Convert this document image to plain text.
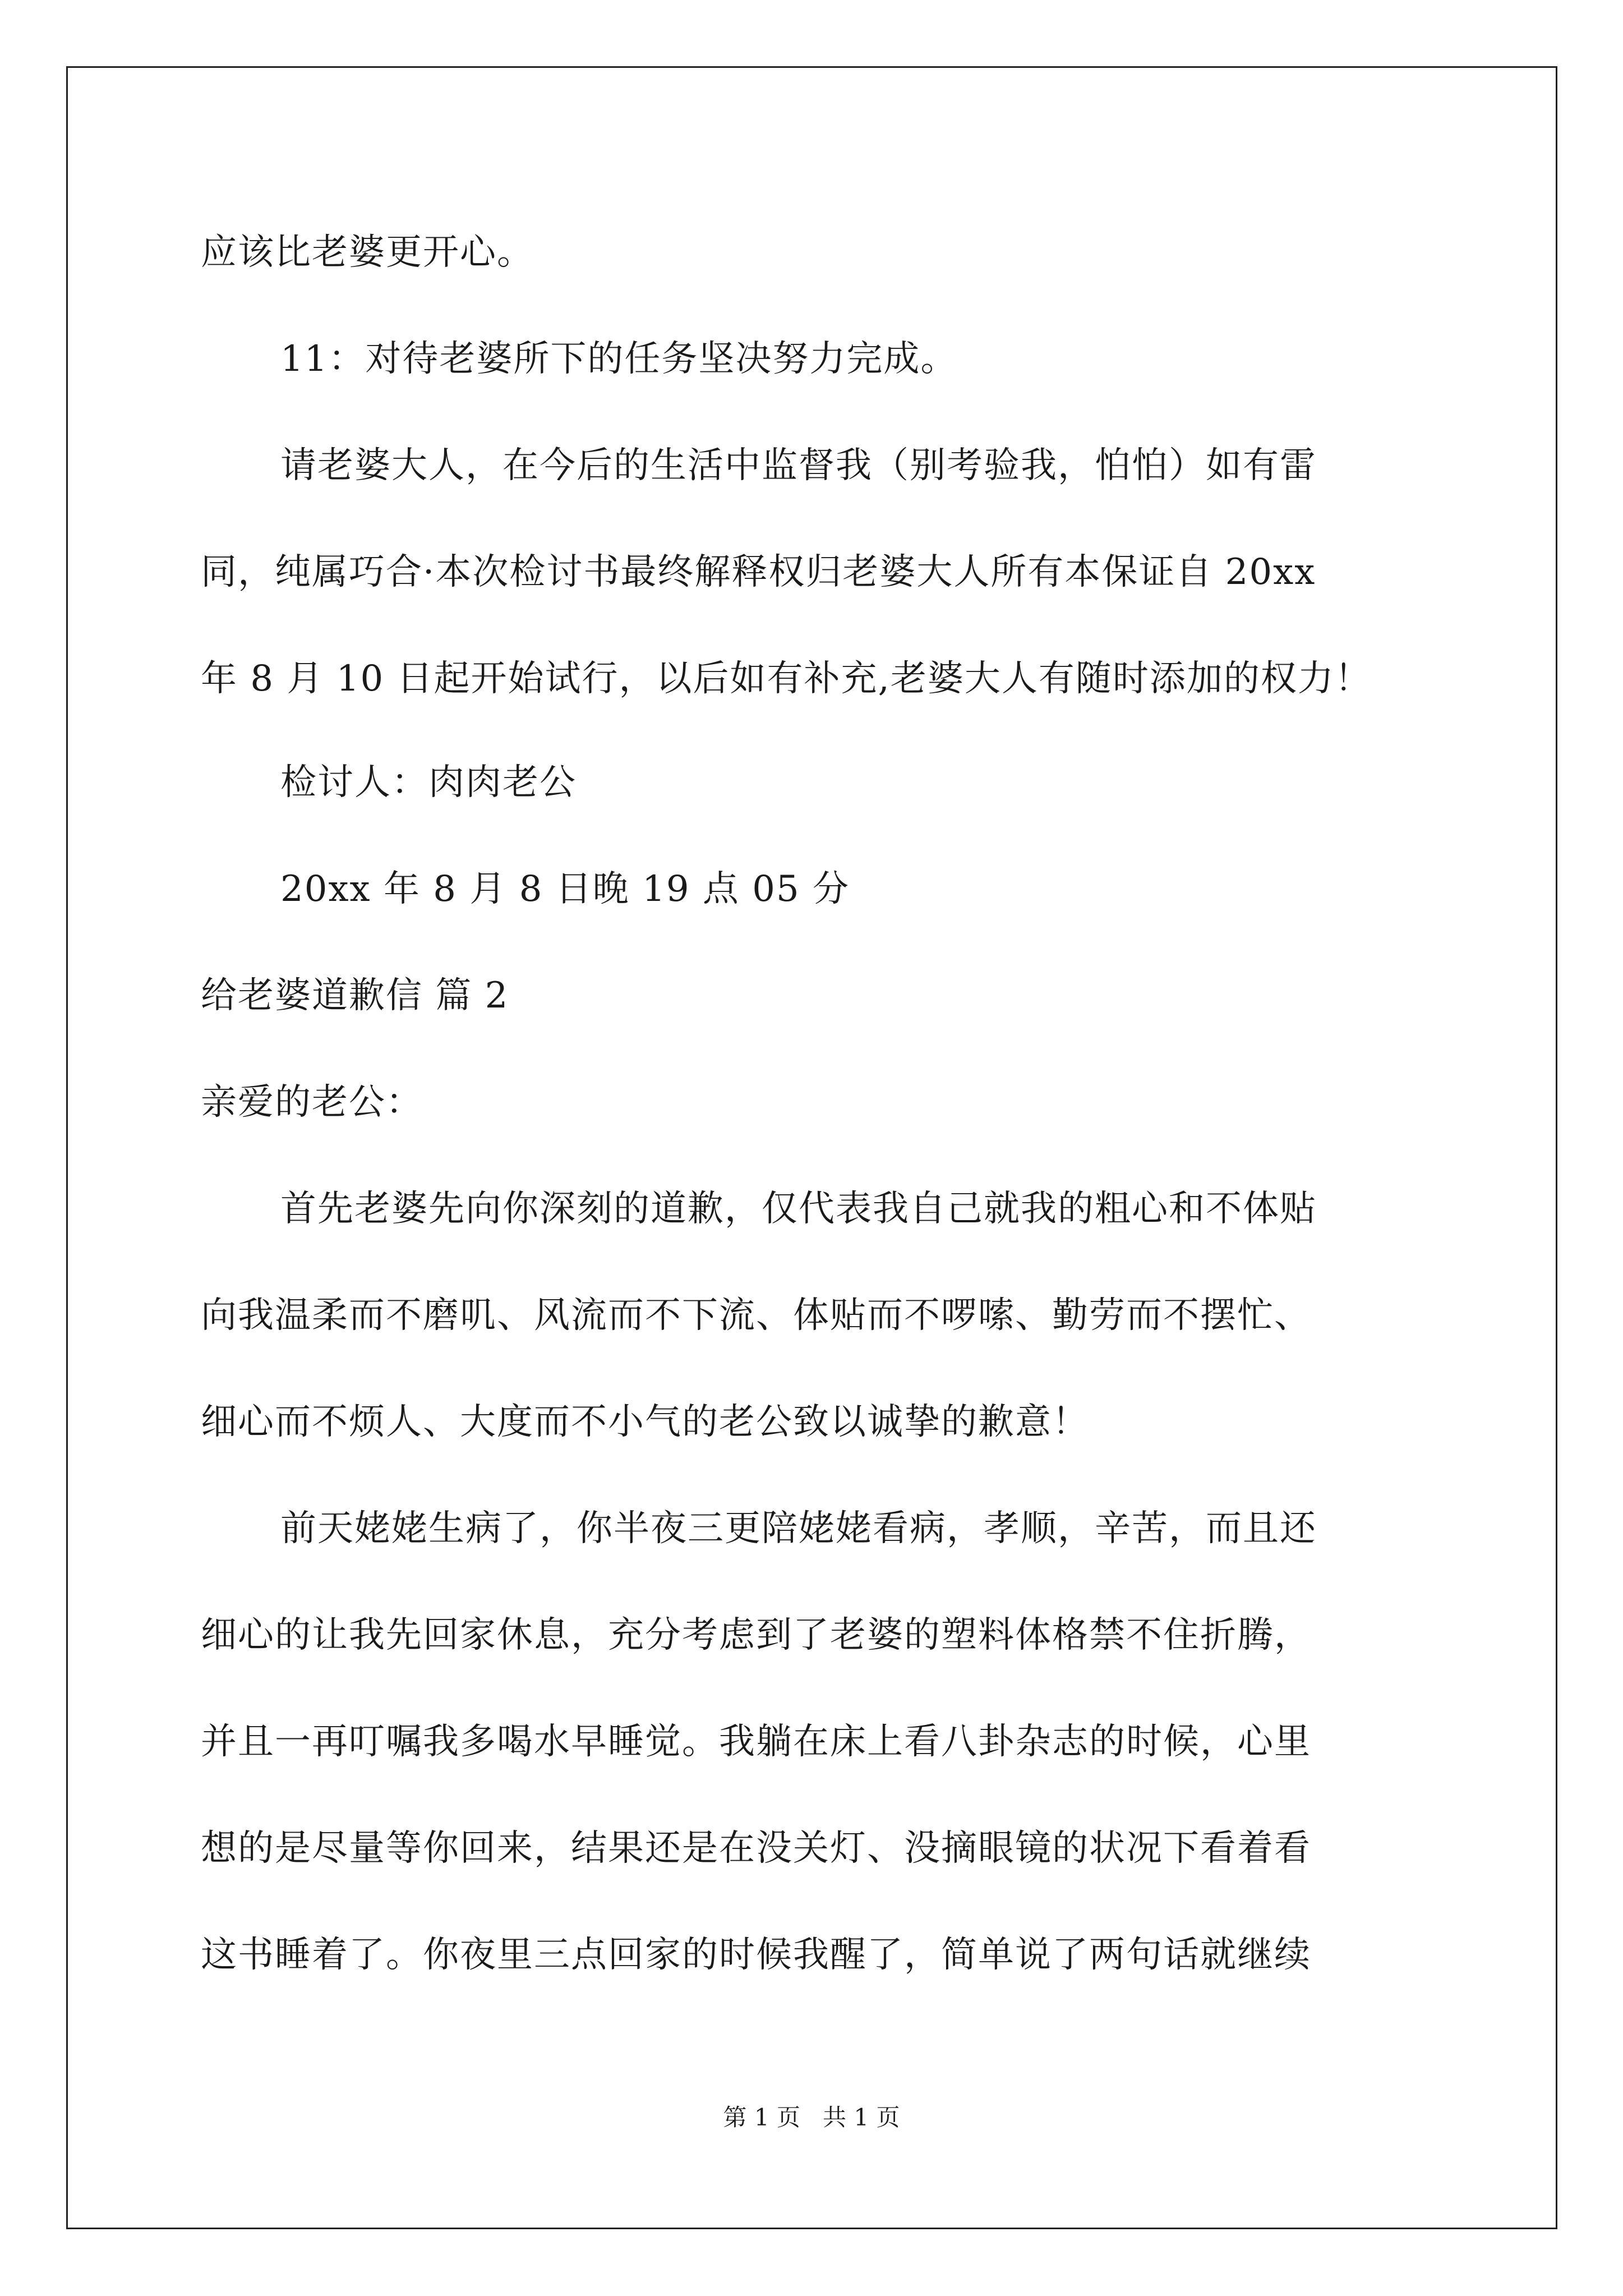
应该比老婆更开心。
11：对待老婆所下的任务坚决努力完成。
请老婆大人，在今后的生活中监督我（别考验我，怕怕）如有雷
同，纯属巧合·本次检讨书最终解释权归老婆大人所有本保证自 20xx
年 8 月 10 日起开始试行，以后如有补充,老婆大人有随时添加的权力！
检讨人：肉肉老公
20xx 年 8 月 8 日晚 19 点 05 分
给老婆道歉信 篇 2
亲爱的老公：
首先老婆先向你深刻的道歉，仅代表我自己就我的粗心和不体贴
向我温柔而不磨叽、风流而不下流、体贴而不啰嗦、勤劳而不摆忙、
细心而不烦人、大度而不小气的老公致以诚挚的歉意！
前天姥姥生病了，你半夜三更陪姥姥看病，孝顺，辛苦，而且还
细心的让我先回家休息，充分考虑到了老婆的塑料体格禁不住折腾，
并且一再叮嘱我多喝水早睡觉。我躺在床上看八卦杂志的时候，心里
想的是尽量等你回来，结果还是在没关灯、没摘眼镜的状况下看着看
这书睡着了。你夜里三点回家的时候我醒了，简单说了两句话就继续
第 1 页   共 1 页
